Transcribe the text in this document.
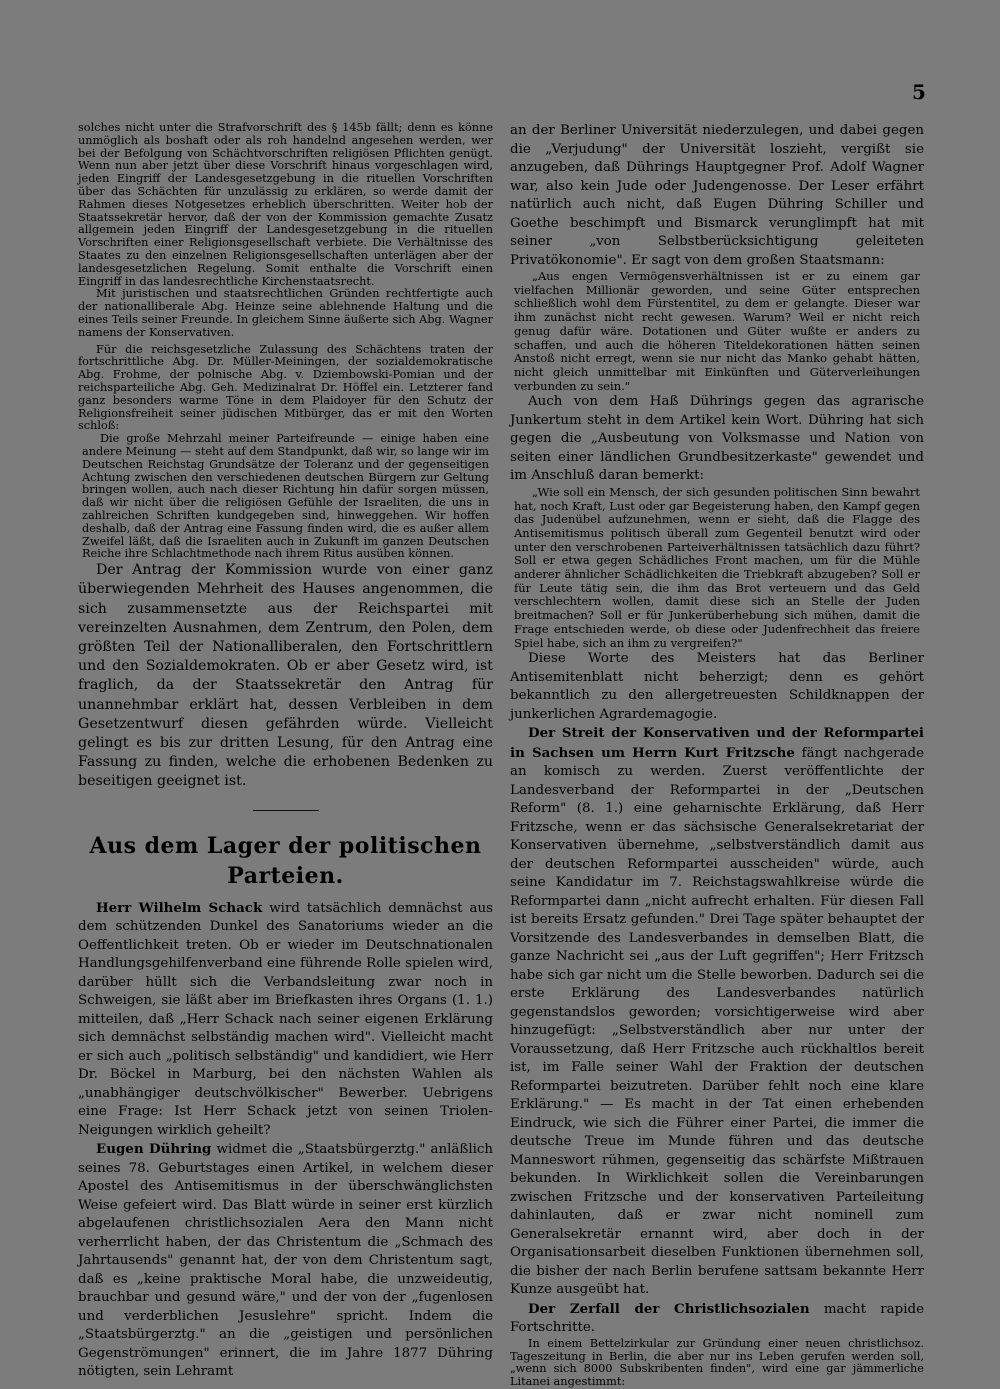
5

solches nicht unter die Strafvorschrift des § 145b fällt; denn es könne unmöglich als boshaft oder als roh handelnd angesehen werden, wer bei der Befolgung von Schächtvorschriften religiösen Pflichten genügt. Wenn nun aber jetzt über diese Vorschrift hinaus vorgeschlagen wird, jeden Eingriff der Landesgesetzgebung in die rituellen Vorschriften über das Schächten für unzulässig zu erklären, so werde damit der Rahmen dieses Notgesetzes erheblich überschritten. Weiter hob der Staatssekretär hervor, daß der von der Kommission gemachte Zusatz allgemein jeden Eingriff der Landesgesetzgebung in die rituellen Vorschriften einer Religionsgesellschaft verbiete. Die Verhältnisse des Staates zu den einzelnen Religionsgesellschaften unterlägen aber der landesgesetzlichen Regelung. Somit enthalte die Vorschrift einen Eingriff in das landesrechtliche Kirchenstaatsrecht.

Mit juristischen und staatsrechtlichen Gründen rechtfertigte auch der nationalliberale Abg. Heinze seine ablehnende Haltung und die eines Teils seiner Freunde. In gleichem Sinne äußerte sich Abg. Wagner namens der Konservativen.

Für die reichsgesetzliche Zulassung des Schächtens traten der fortschrittliche Abg. Dr. Müller-Meiningen, der sozialdemokratische Abg. Frohme, der polnische Abg. v. Dziembowski-Pomian und der reichsparteiliche Abg. Geh. Medizinalrat Dr. Höffel ein. Letzterer fand ganz besonders warme Töne in dem Plaidoyer für den Schutz der Religionsfreiheit seiner jüdischen Mitbürger, das er mit den Worten schloß:

Die große Mehrzahl meiner Parteifreunde — einige haben eine andere Meinung — steht auf dem Standpunkt, daß wir, so lange wir im Deutschen Reichstag Grundsätze der Toleranz und der gegenseitigen Achtung zwischen den verschiedenen deutschen Bürgern zur Geltung bringen wollen, auch nach dieser Richtung hin dafür sorgen müssen, daß wir nicht über die religiösen Gefühle der Israeliten, die uns in zahlreichen Schriften kundgegeben sind, hinweggehen. Wir hoffen deshalb, daß der Antrag eine Fassung finden wird, die es außer allem Zweifel läßt, daß die Israeliten auch in Zukunft im ganzen Deutschen Reiche ihre Schlachtmethode nach ihrem Ritus ausüben können.

Der Antrag der Kommission wurde von einer ganz überwiegenden Mehrheit des Hauses angenommen, die sich zusammensetzte aus der Reichspartei mit vereinzelten Ausnahmen, dem Zentrum, den Polen, dem größten Teil der Nationalliberalen, den Fortschrittlern und den Sozialdemokraten. Ob er aber Gesetz wird, ist fraglich, da der Staatssekretär den Antrag für unannehmbar erklärt hat, dessen Verbleiben in dem Gesetzentwurf diesen gefährden würde. Vielleicht gelingt es bis zur dritten Lesung, für den Antrag eine Fassung zu finden, welche die erhobenen Bedenken zu beseitigen geeignet ist.

Aus dem Lager der politischen Parteien.

Herr Wilhelm Schack wird tatsächlich demnächst aus dem schützenden Dunkel des Sanatoriums wieder an die Oeffentlichkeit treten. Ob er wieder im Deutschnationalen Handlungsgehilfenverband eine führende Rolle spielen wird, darüber hüllt sich die Verbandsleitung zwar noch in Schweigen, sie läßt aber im Briefkasten ihres Organs (1. 1.) mitteilen, daß „Herr Schack nach seiner eigenen Erklärung sich demnächst selbständig machen wird". Vielleicht macht er sich auch „politisch selbständig" und kandidiert, wie Herr Dr. Böckel in Marburg, bei den nächsten Wahlen als „unabhängiger deutschvölkischer" Bewerber. Uebrigens eine Frage: Ist Herr Schack jetzt von seinen Triolen-Neigungen wirklich geheilt?

Eugen Dühring widmet die „Staatsbürgerztg." anläßlich seines 78. Geburtstages einen Artikel, in welchem dieser Apostel des Antisemitismus in der überschwänglichsten Weise gefeiert wird. Das Blatt würde in seiner erst kürzlich abgelaufenen christlichsozialen Aera den Mann nicht verherrlicht haben, der das Christentum die „Schmach des Jahrtausends" genannt hat, der von dem Christentum sagt, daß es „keine praktische Moral habe, die unzweideutig, brauchbar und gesund wäre," und der von der „fugenlosen und verderblichen Jesuslehre" spricht. Indem die „Staatsbürgerztg." an die „geistigen und persönlichen Gegenströmungen" erinnert, die im Jahre 1877 Dühring nötigten, sein Lehramt

an der Berliner Universität niederzulegen, und dabei gegen die „Verjudung" der Universität loszieht, vergißt sie anzugeben, daß Dührings Hauptgegner Prof. Adolf Wagner war, also kein Jude oder Judengenosse. Der Leser erfährt natürlich auch nicht, daß Eugen Dühring Schiller und Goethe beschimpft und Bismarck verunglimpft hat mit seiner „von Selbstberücksichtigung geleiteten Privatökonomie". Er sagt von dem großen Staatsmann:

„Aus engen Vermögensverhältnissen ist er zu einem gar vielfachen Millionär geworden, und seine Güter entsprechen schließlich wohl dem Fürstentitel, zu dem er gelangte. Dieser war ihm zunächst nicht recht gewesen. Warum? Weil er nicht reich genug dafür wäre. Dotationen und Güter wußte er anders zu schaffen, und auch die höheren Titeldekorationen hätten seinen Anstoß nicht erregt, wenn sie nur nicht das Manko gehabt hätten, nicht gleich unmittelbar mit Einkünften und Güterverleihungen verbunden zu sein."

Auch von dem Haß Dührings gegen das agrarische Junkertum steht in dem Artikel kein Wort. Dühring hat sich gegen die „Ausbeutung von Volksmasse und Nation von seiten einer ländlichen Grundbesitzerkaste" gewendet und im Anschluß daran bemerkt:

„Wie soll ein Mensch, der sich gesunden politischen Sinn bewahrt hat, noch Kraft, Lust oder gar Begeisterung haben, den Kampf gegen das Judenübel aufzunehmen, wenn er sieht, daß die Flagge des Antisemitismus politisch überall zum Gegenteil benutzt wird oder unter den verschrobenen Parteiverhältnissen tatsächlich dazu führt? Soll er etwa gegen Schädliches Front machen, um für die Mühle anderer ähnlicher Schädlichkeiten die Triebkraft abzugeben? Soll er für Leute tätig sein, die ihm das Brot verteuern und das Geld verschlechtern wollen, damit diese sich an Stelle der Juden breitmachen? Soll er für Junkerüberhebung sich mühen, damit die Frage entschieden werde, ob diese oder Judenfrechheit das freiere Spiel habe, sich an ihm zu vergreifen?"

Diese Worte des Meisters hat das Berliner Antisemitenblatt nicht beherzigt; denn es gehört bekanntlich zu den allergetreuesten Schildknappen der junkerlichen Agrardemagogie.

Der Streit der Konservativen und der Reformpartei in Sachsen um Herrn Kurt Fritzsche fängt nachgerade an komisch zu werden. Zuerst veröffentlichte der Landesverband der Reformpartei in der „Deutschen Reform" (8. 1.) eine geharnischte Erklärung, daß Herr Fritzsche, wenn er das sächsische Generalsekretariat der Konservativen übernehme, „selbstverständlich damit aus der deutschen Reformpartei ausscheiden" würde, auch seine Kandidatur im 7. Reichstagswahlkreise würde die Reformpartei dann „nicht aufrecht erhalten. Für diesen Fall ist bereits Ersatz gefunden." Drei Tage später behauptet der Vorsitzende des Landesverbandes in demselben Blatt, die ganze Nachricht sei „aus der Luft gegriffen"; Herr Fritzsch habe sich gar nicht um die Stelle beworben. Dadurch sei die erste Erklärung des Landesverbandes natürlich gegenstandslos geworden; vorsichtigerweise wird aber hinzugefügt: „Selbstverständlich aber nur unter der Voraussetzung, daß Herr Fritzsche auch rückhaltlos bereit ist, im Falle seiner Wahl der Fraktion der deutschen Reformpartei beizutreten. Darüber fehlt noch eine klare Erklärung." — Es macht in der Tat einen erhebenden Eindruck, wie sich die Führer einer Partei, die immer die deutsche Treue im Munde führen und das deutsche Manneswort rühmen, gegenseitig das schärfste Mißtrauen bekunden. In Wirklichkeit sollen die Vereinbarungen zwischen Fritzsche und der konservativen Parteileitung dahinlauten, daß er zwar nicht nominell zum Generalsekretär ernannt wird, aber doch in der Organisationsarbeit dieselben Funktionen übernehmen soll, die bisher der nach Berlin berufene sattsam bekannte Herr Kunze ausgeübt hat.

Der Zerfall der Christlichsozialen macht rapide Fortschritte.

In einem Bettelzirkular zur Gründung einer neuen christlichsoz. Tageszeitung in Berlin, die aber nur ins Leben gerufen werden soll, „wenn sich 8000 Subskribenten finden", wird eine gar jämmerliche Litanei angestimmt:
